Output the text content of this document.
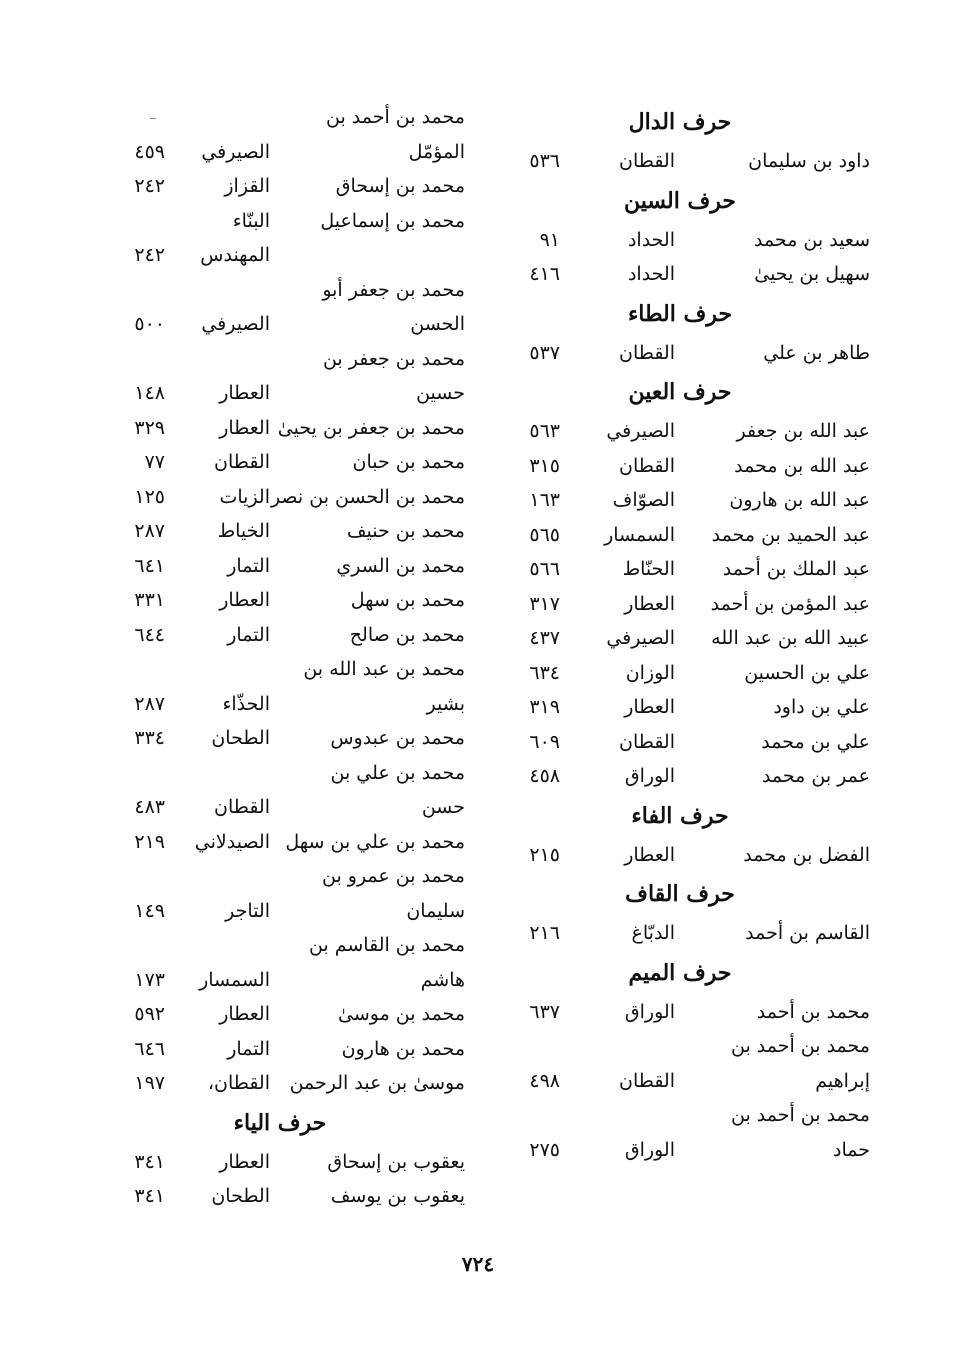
حرف الدال
داود بن سليمان
القطان
٥٣٦
حرف السين
سعيد بن محمد
الحداد
٩١
سهيل بن يحيىٰ
الحداد
٤١٦
حرف الطاء
طاهر بن علي
القطان
٥٣٧
حرف العين
عبد الله بن جعفر
الصيرفي
٥٦٣
عبد الله بن محمد
القطان
٣١٥
عبد الله بن هارون
الصوّاف
١٦٣
عبد الحميد بن محمد
السمسار
٥٦٥
عبد الملك بن أحمد
الحنّاط
٥٦٦
عبد المؤمن بن أحمد
العطار
٣١٧
عبيد الله بن عبد الله
الصيرفي
٤٣٧
علي بن الحسين
الوزان
٦٣٤
علي بن داود
العطار
٣١٩
علي بن محمد
القطان
٦٠٩
عمر بن محمد
الوراق
٤٥٨
حرف الفاء
الفضل بن محمد
العطار
٢١٥
حرف القاف
القاسم بن أحمد
الدبّاغ
٢١٦
حرف الميم
محمد بن أحمد
الوراق
٦٣٧
محمد بن أحمد بن
إبراهيم
القطان
٤٩٨
محمد بن أحمد بن
حماد
الوراق
٢٧٥
محمد بن أحمد بن
المؤمّل
الصيرفي
٤٥٩
محمد بن إسحاق
القزاز
٢٤٢
محمد بن إسماعيل
البنّاء
المهندس
٢٤٢
محمد بن جعفر أبو
الحسن
الصيرفي
٥٠٠
محمد بن جعفر بن
حسين
العطار
١٤٨
محمد بن جعفر بن يحيىٰ
العطار
٣٢٩
محمد بن حبان
القطان
٧٧
محمد بن الحسن بن نصر
الزيات
١٢٥
محمد بن حنيف
الخياط
٢٨٧
محمد بن السري
التمار
٦٤١
محمد بن سهل
العطار
٣٣١
محمد بن صالح
التمار
٦٤٤
محمد بن عبد الله بن
بشير
الحذّاء
٢٨٧
محمد بن عبدوس
الطحان
٣٣٤
محمد بن علي بن
حسن
القطان
٤٨٣
محمد بن علي بن سهل
الصيدلاني
٢١٩
محمد بن عمرو بن
سليمان
التاجر
١٤٩
محمد بن القاسم بن
هاشم
السمسار
١٧٣
محمد بن موسىٰ
العطار
٥٩٢
محمد بن هارون
التمار
٦٤٦
موسىٰ بن عبد الرحمن
القطان،
١٩٧
حرف الياء
يعقوب بن إسحاق
العطار
٣٤١
يعقوب بن يوسف
الطحان
٣٤١
٧٢٤
